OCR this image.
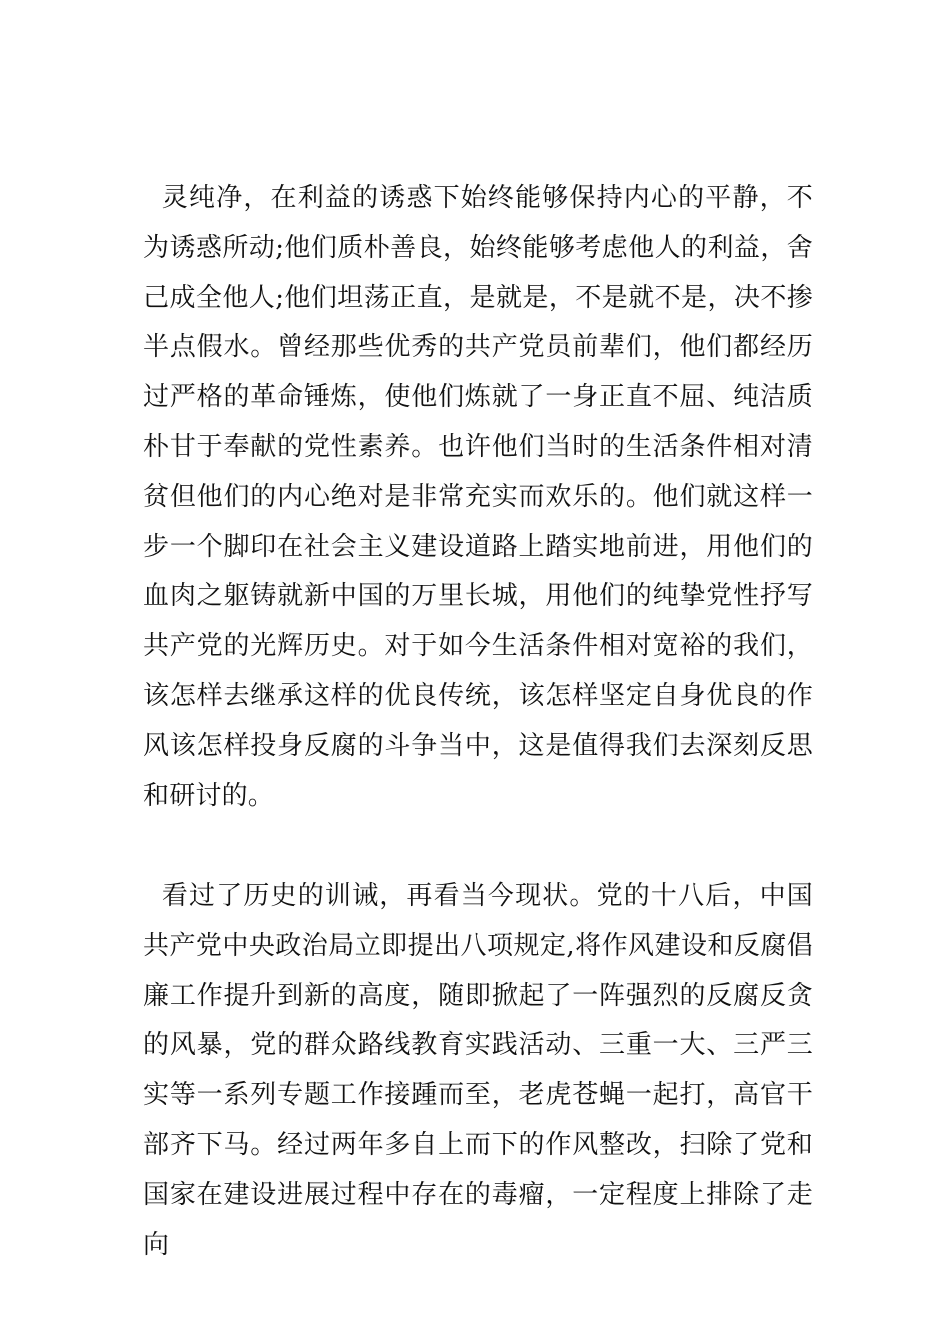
灵纯净，在利益的诱惑下始终能够保持内心的平静，不为诱惑所动;他们质朴善良，始终能够考虑他人的利益，舍己成全他人;他们坦荡正直，是就是，不是就不是，决不掺半点假水。曾经那些优秀的共产党员前辈们，他们都经历过严格的革命锤炼，使他们炼就了一身正直不屈、纯洁质朴甘于奉献的党性素养。也许他们当时的生活条件相对清贫但他们的内心绝对是非常充实而欢乐的。他们就这样一步一个脚印在社会主义建设道路上踏实地前进，用他们的血肉之躯铸就新中国的万里长城，用他们的纯挚党性抒写共产党的光辉历史。对于如今生活条件相对宽裕的我们，该怎样去继承这样的优良传统，该怎样坚定自身优良的作风该怎样投身反腐的斗争当中，这是值得我们去深刻反思和研讨的。

看过了历史的训诫，再看当今现状。党的十八后，中国共产党中央政治局立即提出八项规定,将作风建设和反腐倡廉工作提升到新的高度，随即掀起了一阵强烈的反腐反贪的风暴，党的群众路线教育实践活动、三重一大、三严三实等一系列专题工作接踵而至，老虎苍蝇一起打，高官干部齐下马。经过两年多自上而下的作风整改，扫除了党和国家在建设进展过程中存在的毒瘤，一定程度上排除了走向
